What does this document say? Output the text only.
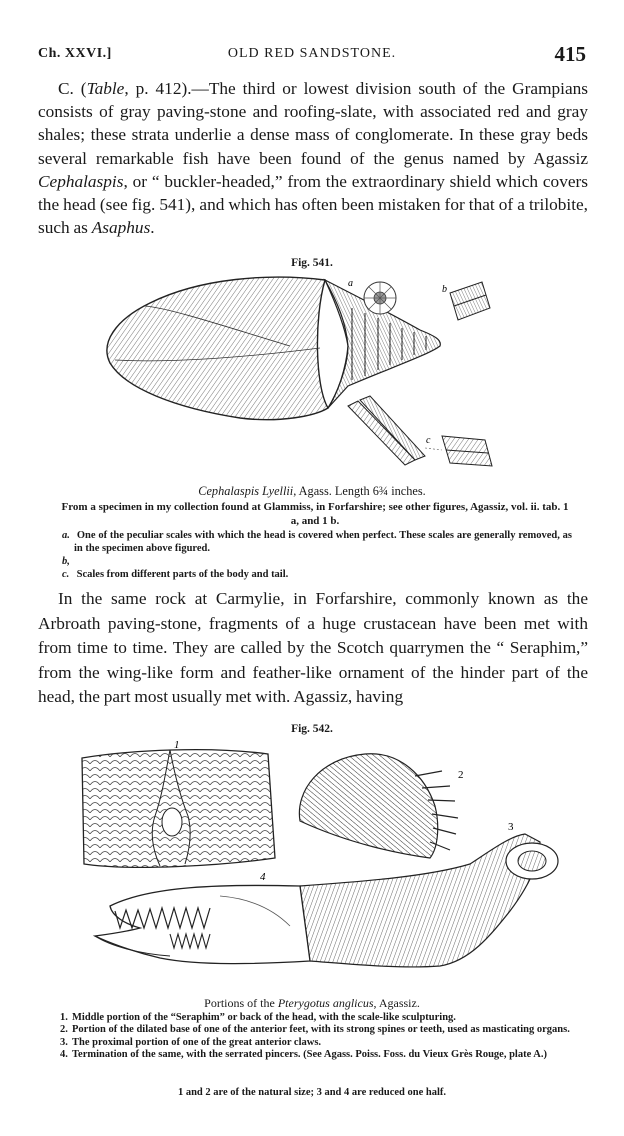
Ch. XXVI.]	OLD RED SANDSTONE.	415

C. (Table, p. 412).—The third or lowest division south of the Grampians consists of gray paving-stone and roofing-slate, with associated red and gray shales; these strata underlie a dense mass of conglomerate. In these gray beds several remarkable fish have been found of the genus named by Agassiz Cephalaspis, or “ buckler-headed,” from the extraordinary shield which covers the head (see fig. 541), and which has often been mistaken for that of a trilobite, such as Asaphus.

Fig. 541.
a
b
c
Cephalaspis Lyellii, Agass. Length 6¾ inches.
From a specimen in my collection found at Glammiss, in Forfarshire; see other figures, Agassiz, vol. ii. tab. 1 a, and 1 b.
a. One of the peculiar scales with which the head is covered when perfect. These scales are generally removed, as in the specimen above figured.
b, c. Scales from different parts of the body and tail.

In the same rock at Carmylie, in Forfarshire, commonly known as the Arbroath paving-stone, fragments of a huge crustacean have been met with from time to time. They are called by the Scotch quarrymen the “ Seraphim,” from the wing-like form and feather-like ornament of the hinder part of the head, the part most usually met with. Agassiz, having

Fig. 542.
1
2
3
4
Portions of the Pterygotus anglicus, Agassiz.
1. Middle portion of the “Seraphim” or back of the head, with the scale-like sculpturing.
2. Portion of the dilated base of one of the anterior feet, with its strong spines or teeth, used as masticating organs.
3. The proximal portion of one of the great anterior claws.
4. Termination of the same, with the serrated pincers. (See Agass. Poiss. Foss. du Vieux Grès Rouge, plate A.)
1 and 2 are of the natural size; 3 and 4 are reduced one half.
